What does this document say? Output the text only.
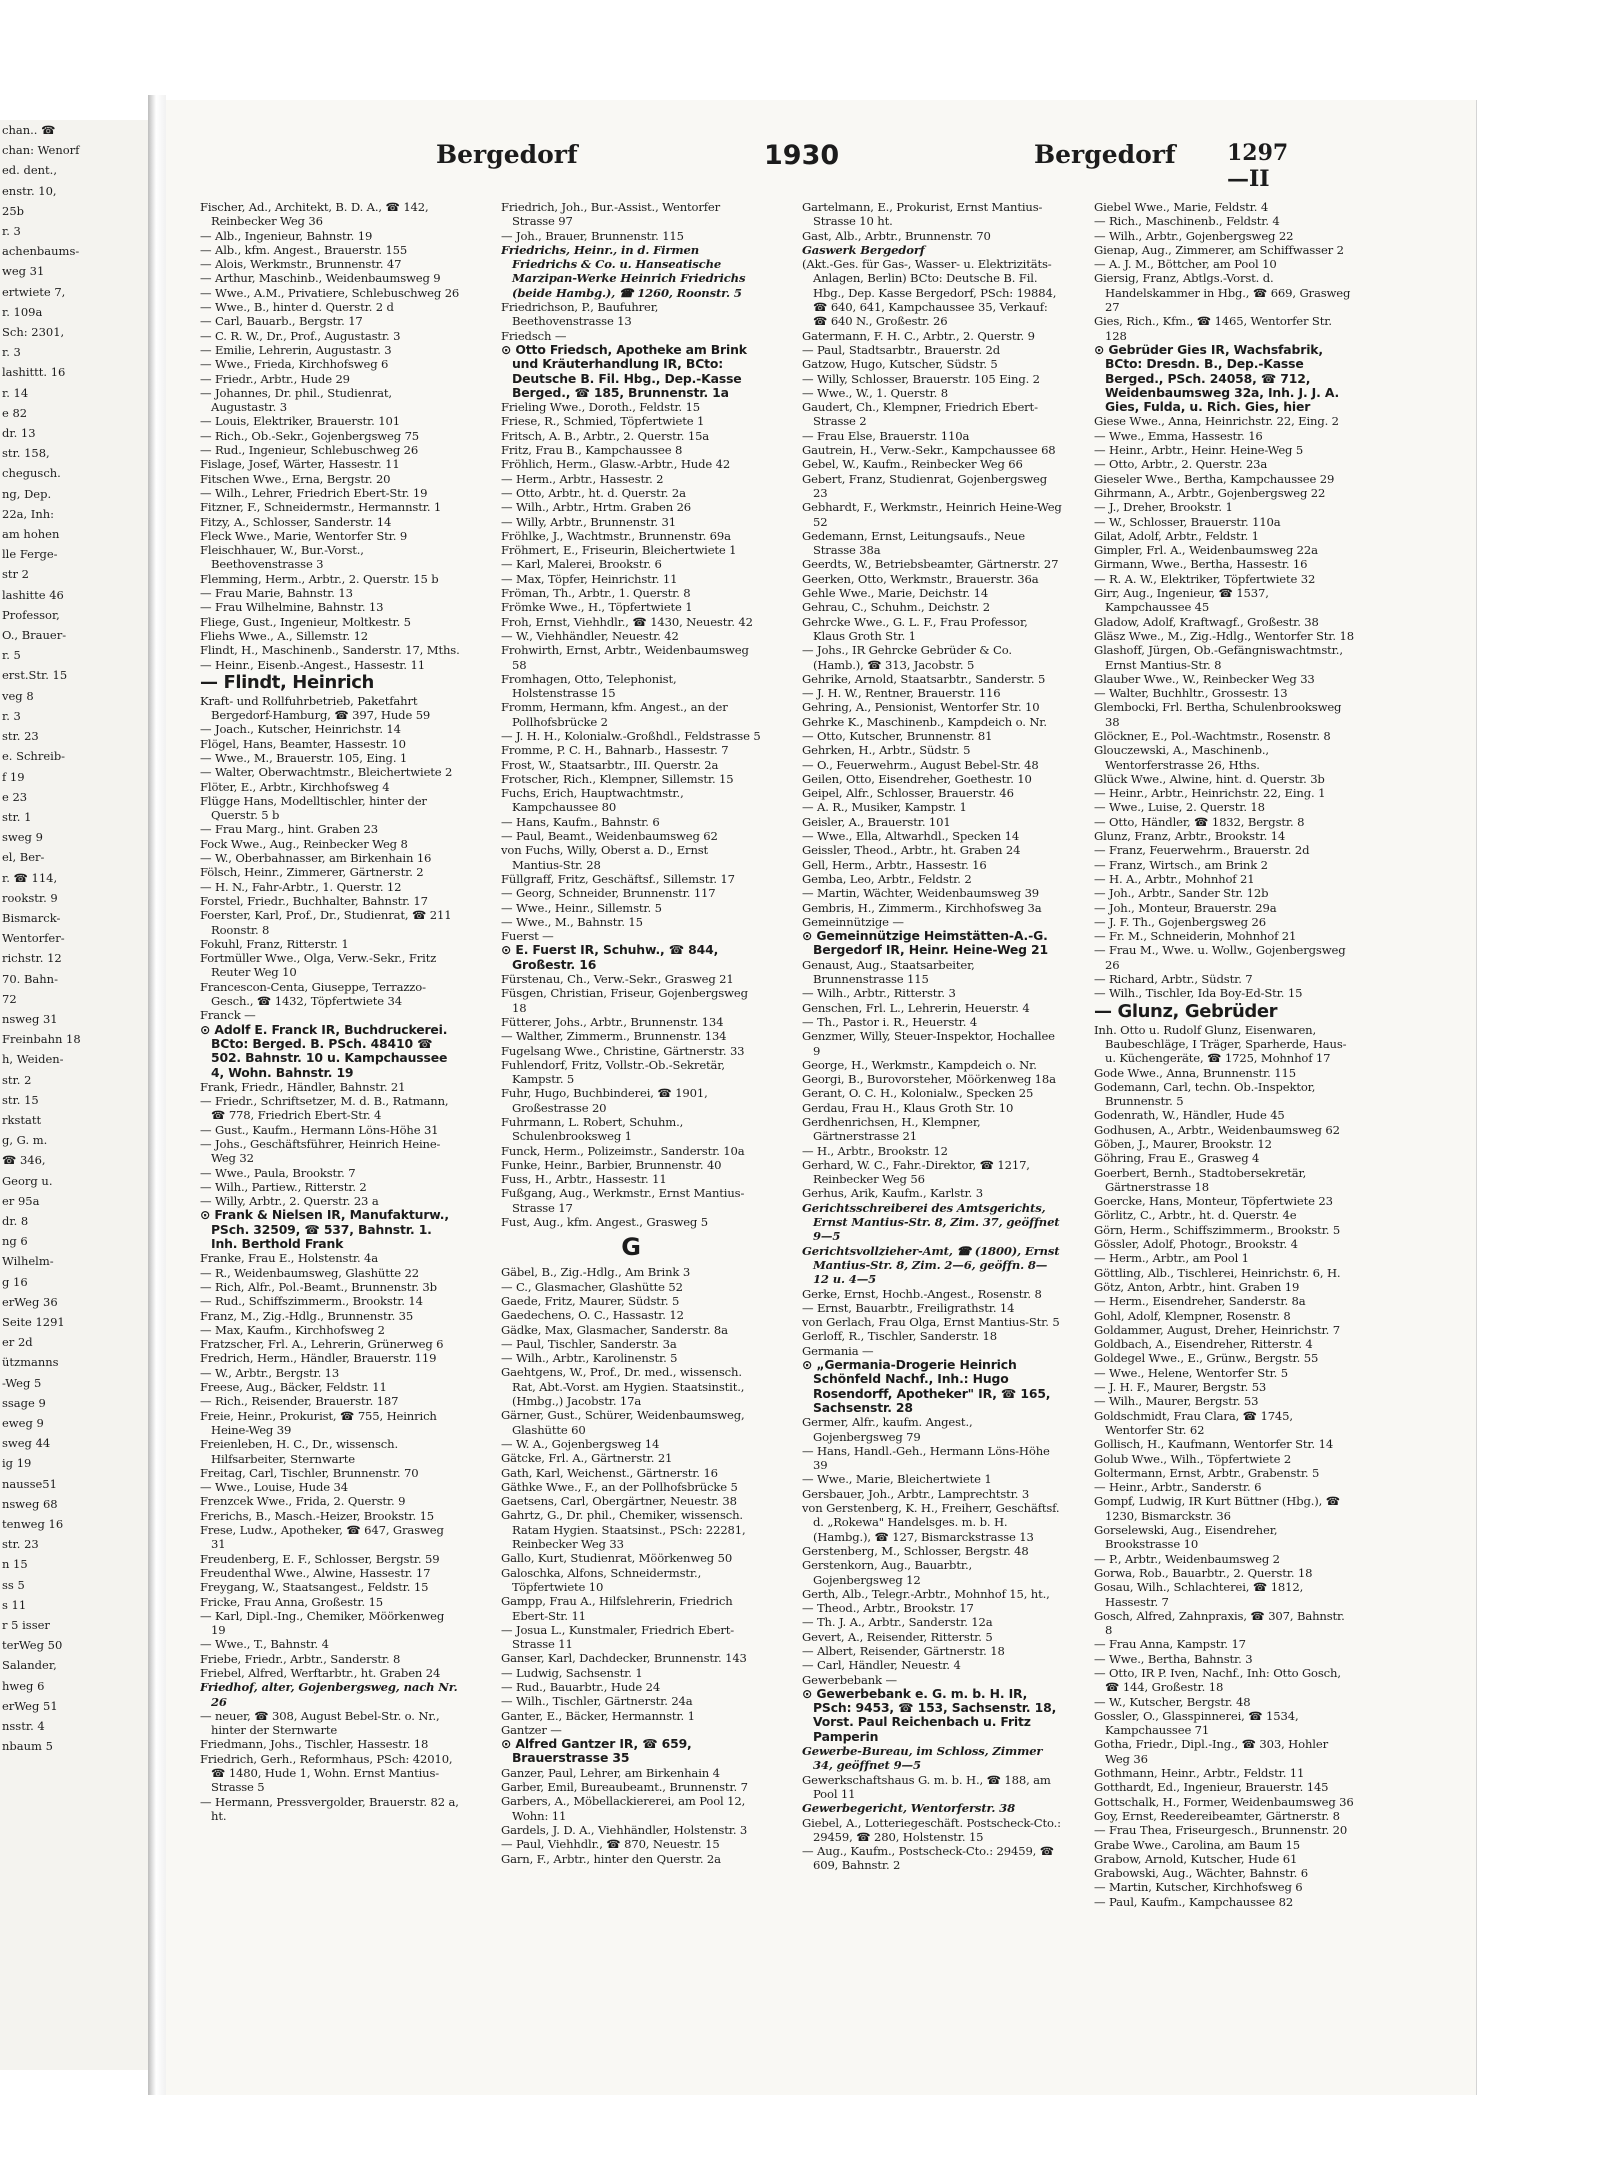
chan.. ☎
chan: Wenorf
ed. dent.,
enstr. 10,
25b
r. 3
achenbaums-
weg 31
ertwiete 7,
r. 109a
Sch: 2301,
r. 3
lashittt. 16
r. 14
e 82
dr. 13
str. 158,
chegusch.
ng, Dep.
22a, Inh:
am hohen
lle Ferge-
str 2
lashitte 46
Professor,
O., Brauer-
r. 5
erst.Str. 15
veg 8
r. 3
str. 23
e. Schreib-
f 19
e 23
str. 1
sweg 9
el, Ber-
r. ☎ 114,
rookstr. 9
Bismarck-
Wentorfer-
richstr. 12
70. Bahn-
72
nsweg 31
Freinbahn 18
h, Weiden-
str. 2
str. 15
rkstatt
g, G. m.
☎ 346,
Georg u.
er 95a
dr. 8
ng 6
Wilhelm-
g 16
erWeg 36
Seite 1291
er 2d
ützmanns
-Weg 5
ssage 9
eweg 9
sweg 44
ig 19
nausse51
nsweg 68
tenweg 16
str. 23
n 15
ss 5
s 11
r 5 isser
terWeg 50
Salander,
hweg 6
erWeg 51
nsstr. 4
nbaum 5
Bergedorf	1930	Bergedorf 1297—II

Fischer, Ad., Architekt, B. D. A., ☎ 142, Reinbecker Weg 36

— Alb., Ingenieur, Bahnstr. 19

— Alb., kfm. Angest., Brauerstr. 155

— Alois, Werkmstr., Brunnenstr. 47

— Arthur, Maschinb., Weidenbaumsweg 9

— Wwe., A.M., Privatiere, Schlebuschweg 26

— Wwe., B., hinter d. Querstr. 2 d

— Carl, Bauarb., Bergstr. 17

— C. R. W., Dr., Prof., Augustastr. 3

— Emilie, Lehrerin, Augustastr. 3

— Wwe., Frieda, Kirchhofsweg 6

— Friedr., Arbtr., Hude 29

— Johannes, Dr. phil., Studienrat, Augustastr. 3

— Louis, Elektriker, Brauerstr. 101

— Rich., Ob.-Sekr., Gojenbergsweg 75

— Rud., Ingenieur, Schlebuschweg 26

Fislage, Josef, Wärter, Hassestr. 11

Fitschen Wwe., Erna, Bergstr. 20

— Wilh., Lehrer, Friedrich Ebert-Str. 19

Fitzner, F., Schneidermstr., Hermannstr. 1

Fitzy, A., Schlosser, Sanderstr. 14

Fleck Wwe., Marie, Wentorfer Str. 9

Fleischhauer, W., Bur.-Vorst., Beethovenstrasse 3

Flemming, Herm., Arbtr., 2. Querstr. 15 b

— Frau Marie, Bahnstr. 13

— Frau Wilhelmine, Bahnstr. 13

Fliege, Gust., Ingenieur, Moltkestr. 5

Fliehs Wwe., A., Sillemstr. 12

Flindt, H., Maschinenb., Sanderstr. 17, Mths.

— Heinr., Eisenb.-Angest., Hassestr. 11

— Flindt, Heinrich

Kraft- und Rollfuhrbetrieb, Paketfahrt Bergedorf-Hamburg, ☎ 397, Hude 59

— Joach., Kutscher, Heinrichstr. 14

Flögel, Hans, Beamter, Hassestr. 10

— Wwe., M., Brauerstr. 105, Eing. 1

— Walter, Oberwachtmstr., Bleichertwiete 2

Flöter, E., Arbtr., Kirchhofsweg 4

Flügge Hans, Modelltischler, hinter der Querstr. 5 b

— Frau Marg., hint. Graben 23

Fock Wwe., Aug., Reinbecker Weg 8

— W., Oberbahnasser, am Birkenhain 16

Fölsch, Heinr., Zimmerer, Gärtnerstr. 2

— H. N., Fahr-Arbtr., 1. Querstr. 12

Forstel, Friedr., Buchhalter, Bahnstr. 17

Foerster, Karl, Prof., Dr., Studienrat, ☎ 211 Roonstr. 8

Fokuhl, Franz, Ritterstr. 1

Fortmüller Wwe., Olga, Verw.-Sekr., Fritz Reuter Weg 10

Francescon-Centa, Giuseppe, Terrazzo-Gesch., ☎ 1432, Töpfertwiete 34

Franck —

⊙ Adolf E. Franck IR, Buchdruckerei. BCto: Berged. B. PSch. 48410 ☎ 502. Bahnstr. 10 u. Kampchaussee 4, Wohn. Bahnstr. 19

Frank, Friedr., Händler, Bahnstr. 21

— Friedr., Schriftsetzer, M. d. B., Ratmann, ☎ 778, Friedrich Ebert-Str. 4

— Gust., Kaufm., Hermann Löns-Höhe 31

— Johs., Geschäftsführer, Heinrich Heine-Weg 32

— Wwe., Paula, Brookstr. 7

— Wilh., Partiew., Ritterstr. 2

— Willy, Arbtr., 2. Querstr. 23 a

⊙ Frank & Nielsen IR, Manufakturw., PSch. 32509, ☎ 537, Bahnstr. 1. Inh. Berthold Frank

Franke, Frau E., Holstenstr. 4a

— R., Weidenbaumsweg, Glashütte 22

— Rich, Alfr., Pol.-Beamt., Brunnenstr. 3b

— Rud., Schiffszimmerm., Brookstr. 14

Franz, M., Zig.-Hdlg., Brunnenstr. 35

— Max, Kaufm., Kirchhofsweg 2

Fratzscher, Frl. A., Lehrerin, Grünerweg 6

Fredrich, Herm., Händler, Brauerstr. 119

— W., Arbtr., Bergstr. 13

Freese, Aug., Bäcker, Feldstr. 11

— Rich., Reisender, Brauerstr. 187

Freie, Heinr., Prokurist, ☎ 755, Heinrich Heine-Weg 39

Freienleben, H. C., Dr., wissensch. Hilfsarbeiter, Sternwarte

Freitag, Carl, Tischler, Brunnenstr. 70

— Wwe., Louise, Hude 34

Frenzcek Wwe., Frida, 2. Querstr. 9

Frerichs, B., Masch.-Heizer, Brookstr. 15

Frese, Ludw., Apotheker, ☎ 647, Grasweg 31

Freudenberg, E. F., Schlosser, Bergstr. 59

Freudenthal Wwe., Alwine, Hassestr. 17

Freygang, W., Staatsangest., Feldstr. 15

Fricke, Frau Anna, Großestr. 15

— Karl, Dipl.-Ing., Chemiker, Möörkenweg 19

— Wwe., T., Bahnstr. 4

Friebe, Friedr., Arbtr., Sanderstr. 8

Friebel, Alfred, Werftarbtr., ht. Graben 24

Friedhof, alter, Gojenbergsweg, nach Nr. 26

— neuer, ☎ 308, August Bebel-Str. o. Nr., hinter der Sternwarte

Friedmann, Johs., Tischler, Hassestr. 18

Friedrich, Gerh., Reformhaus, PSch: 42010, ☎ 1480, Hude 1, Wohn. Ernst Mantius-Strasse 5

— Hermann, Pressvergolder, Brauerstr. 82 a, ht.

Friedrich, Joh., Bur.-Assist., Wentorfer Strasse 97

— Joh., Brauer, Brunnenstr. 115

Friedrichs, Heinr., in d. Firmen Friedrichs & Co. u. Hanseatische Marzipan-Werke Heinrich Friedrichs (beide Hambg.), ☎ 1260, Roonstr. 5

Friedrichson, P., Baufuhrer, Beethovenstrasse 13

Friedsch —

⊙ Otto Friedsch, Apotheke am Brink und Kräuterhandlung IR, BCto: Deutsche B. Fil. Hbg., Dep.-Kasse Berged., ☎ 185, Brunnenstr. 1a

Frieling Wwe., Doroth., Feldstr. 15

Friese, R., Schmied, Töpfertwiete 1

Fritsch, A. B., Arbtr., 2. Querstr. 15a

Fritz, Frau B., Kampchaussee 8

Fröhlich, Herm., Glasw.-Arbtr., Hude 42

— Herm., Arbtr., Hassestr. 2

— Otto, Arbtr., ht. d. Querstr. 2a

— Wilh., Arbtr., Hrtm. Graben 26

— Willy, Arbtr., Brunnenstr. 31

Fröhlke, J., Wachtmstr., Brunnenstr. 69a

Fröhmert, E., Friseurin, Bleichertwiete 1

— Karl, Malerei, Brookstr. 6

— Max, Töpfer, Heinrichstr. 11

Fröman, Th., Arbtr., 1. Querstr. 8

Frömke Wwe., H., Töpfertwiete 1

Froh, Ernst, Viehhdlr., ☎ 1430, Neuestr. 42

— W., Viehhändler, Neuestr. 42

Frohwirth, Ernst, Arbtr., Weidenbaumsweg 58

Fromhagen, Otto, Telephonist, Holstenstrasse 15

Fromm, Hermann, kfm. Angest., an der Pollhofsbrücke 2

— J. H. H., Kolonialw.-Großhdl., Feldstrasse 5

Fromme, P. C. H., Bahnarb., Hassestr. 7

Frost, W., Staatsarbtr., III. Querstr. 2a

Frotscher, Rich., Klempner, Sillemstr. 15

Fuchs, Erich, Hauptwachtmstr., Kampchaussee 80

— Hans, Kaufm., Bahnstr. 6

— Paul, Beamt., Weidenbaumsweg 62

von Fuchs, Willy, Oberst a. D., Ernst Mantius-Str. 28

Füllgraff, Fritz, Geschäftsf., Sillemstr. 17

— Georg, Schneider, Brunnenstr. 117

— Wwe., Heinr., Sillemstr. 5

— Wwe., M., Bahnstr. 15

Fuerst —

⊙ E. Fuerst IR, Schuhw., ☎ 844, Großestr. 16

Fürstenau, Ch., Verw.-Sekr., Grasweg 21

Füsgen, Christian, Friseur, Gojenbergsweg 18

Fütterer, Johs., Arbtr., Brunnenstr. 134

— Walther, Zimmerm., Brunnenstr. 134

Fugelsang Wwe., Christine, Gärtnerstr. 33

Fuhlendorf, Fritz, Vollstr.-Ob.-Sekretär, Kampstr. 5

Fuhr, Hugo, Buchbinderei, ☎ 1901, Großestrasse 20

Fuhrmann, L. Robert, Schuhm., Schulenbrooksweg 1

Funck, Herm., Polizeimstr., Sanderstr. 10a

Funke, Heinr., Barbier, Brunnenstr. 40

Fuss, H., Arbtr., Hassestr. 11

Fußgang, Aug., Werkmstr., Ernst Mantius-Strasse 17

Fust, Aug., kfm. Angest., Grasweg 5

G

Gäbel, B., Zig.-Hdlg., Am Brink 3

— C., Glasmacher, Glashütte 52

Gaede, Fritz, Maurer, Südstr. 5

Gaedechens, O. C., Hassastr. 12

Gädke, Max, Glasmacher, Sanderstr. 8a

— Paul, Tischler, Sanderstr. 3a

— Wilh., Arbtr., Karolinenstr. 5

Gaehtgens, W., Prof., Dr. med., wissensch. Rat, Abt.-Vorst. am Hygien. Staatsinstit., (Hmbg.,) Jacobstr. 17a

Gärner, Gust., Schürer, Weidenbaumsweg, Glashütte 60

— W. A., Gojenbergsweg 14

Gätcke, Frl. A., Gärtnerstr. 21

Gath, Karl, Weichenst., Gärtnerstr. 16

Gäthke Wwe., F., an der Pollhofsbrücke 5

Gaetsens, Carl, Obergärtner, Neuestr. 38

Gahrtz, G., Dr. phil., Chemiker, wissensch. Ratam Hygien. Staatsinst., PSch: 22281, Reinbecker Weg 33

Gallo, Kurt, Studienrat, Möörkenweg 50

Galoschka, Alfons, Schneidermstr., Töpfertwiete 10

Gampp, Frau A., Hilfslehrerin, Friedrich Ebert-Str. 11

— Josua L., Kunstmaler, Friedrich Ebert-Strasse 11

Ganser, Karl, Dachdecker, Brunnenstr. 143

— Ludwig, Sachsenstr. 1

— Rud., Bauarbtr., Hude 24

— Wilh., Tischler, Gärtnerstr. 24a

Ganter, E., Bäcker, Hermannstr. 1

Gantzer —

⊙ Alfred Gantzer IR, ☎ 659, Brauerstrasse 35

Ganzer, Paul, Lehrer, am Birkenhain 4

Garber, Emil, Bureaubeamt., Brunnenstr. 7

Garbers, A., Möbellackiererei, am Pool 12, Wohn: 11

Gardels, J. D. A., Viehhändler, Holstenstr. 3

— Paul, Viehhdlr., ☎ 870, Neuestr. 15

Garn, F., Arbtr., hinter den Querstr. 2a

Gartelmann, E., Prokurist, Ernst Mantius-Strasse 10 ht.

Gast, Alb., Arbtr., Brunnenstr. 70

Gaswerk Bergedorf

(Akt.-Ges. für Gas-, Wasser- u. Elektrizitäts-Anlagen, Berlin) BCto: Deutsche B. Fil. Hbg., Dep. Kasse Bergedorf, PSch: 19884, ☎ 640, 641, Kampchaussee 35, Verkauf: ☎ 640 N., Großestr. 26

Gatermann, F. H. C., Arbtr., 2. Querstr. 9

— Paul, Stadtsarbtr., Brauerstr. 2d

Gatzow, Hugo, Kutscher, Südstr. 5

— Willy, Schlosser, Brauerstr. 105 Eing. 2

— Wwe., W., 1. Querstr. 8

Gaudert, Ch., Klempner, Friedrich Ebert-Strasse 2

— Frau Else, Brauerstr. 110a

Gautrein, H., Verw.-Sekr., Kampchaussee 68

Gebel, W., Kaufm., Reinbecker Weg 66

Gebert, Franz, Studienrat, Gojenbergsweg 23

Gebhardt, F., Werkmstr., Heinrich Heine-Weg 52

Gedemann, Ernst, Leitungsaufs., Neue Strasse 38a

Geerdts, W., Betriebsbeamter, Gärtnerstr. 27

Geerken, Otto, Werkmstr., Brauerstr. 36a

Gehle Wwe., Marie, Deichstr. 14

Gehrau, C., Schuhm., Deichstr. 2

Gehrcke Wwe., G. L. F., Frau Professor, Klaus Groth Str. 1

— Johs., IR Gehrcke Gebrüder & Co. (Hamb.), ☎ 313, Jacobstr. 5

Gehrike, Arnold, Staatsarbtr., Sanderstr. 5

— J. H. W., Rentner, Brauerstr. 116

Gehring, A., Pensionist, Wentorfer Str. 10

Gehrke K., Maschinenb., Kampdeich o. Nr.

— Otto, Kutscher, Brunnenstr. 81

Gehrken, H., Arbtr., Südstr. 5

— O., Feuerwehrm., August Bebel-Str. 48

Geilen, Otto, Eisendreher, Goethestr. 10

Geipel, Alfr., Schlosser, Brauerstr. 46

— A. R., Musiker, Kampstr. 1

Geisler, A., Brauerstr. 101

— Wwe., Ella, Altwarhdl., Specken 14

Geissler, Theod., Arbtr., ht. Graben 24

Gell, Herm., Arbtr., Hassestr. 16

Gemba, Leo, Arbtr., Feldstr. 2

— Martin, Wächter, Weidenbaumsweg 39

Gembris, H., Zimmerm., Kirchhofsweg 3a

Gemeinnützige —

⊙ Gemeinnützige Heimstätten-A.-G. Bergedorf IR, Heinr. Heine-Weg 21

Genaust, Aug., Staatsarbeiter, Brunnenstrasse 115

— Wilh., Arbtr., Ritterstr. 3

Genschen, Frl. L., Lehrerin, Heuerstr. 4

— Th., Pastor i. R., Heuerstr. 4

Genzmer, Willy, Steuer-Inspektor, Hochallee 9

George, H., Werkmstr., Kampdeich o. Nr.

Georgi, B., Burovorsteher, Möörkenweg 18a

Gerant, O. C. H., Kolonialw., Specken 25

Gerdau, Frau H., Klaus Groth Str. 10

Gerdhenrichsen, H., Klempner, Gärtnerstrasse 21

— H., Arbtr., Brookstr. 12

Gerhard, W. C., Fahr.-Direktor, ☎ 1217, Reinbecker Weg 56

Gerhus, Arik, Kaufm., Karlstr. 3

Gerichtsschreiberei des Amtsgerichts, Ernst Mantius-Str. 8, Zim. 37, geöffnet 9—5

Gerichtsvollzieher-Amt, ☎ (1800), Ernst Mantius-Str. 8, Zim. 2—6, geöffn. 8—12 u. 4—5

Gerke, Ernst, Hochb.-Angest., Rosenstr. 8

— Ernst, Bauarbtr., Freiligrathstr. 14

von Gerlach, Frau Olga, Ernst Mantius-Str. 5

Gerloff, R., Tischler, Sanderstr. 18

Germania —

⊙ „Germania-Drogerie Heinrich Schönfeld Nachf., Inh.: Hugo Rosendorff, Apotheker" IR, ☎ 165, Sachsenstr. 28

Germer, Alfr., kaufm. Angest., Gojenbergsweg 79

— Hans, Handl.-Geh., Hermann Löns-Höhe 39

— Wwe., Marie, Bleichertwiete 1

Gersbauer, Joh., Arbtr., Lamprechtstr. 3

von Gerstenberg, K. H., Freiherr, Geschäftsf. d. „Rokewa" Handelsges. m. b. H. (Hambg.), ☎ 127, Bismarckstrasse 13

Gerstenberg, M., Schlosser, Bergstr. 48

Gerstenkorn, Aug., Bauarbtr., Gojenbergsweg 12

Gerth, Alb., Telegr.-Arbtr., Mohnhof 15, ht.,

— Theod., Arbtr., Brookstr. 17

— Th. J. A., Arbtr., Sanderstr. 12a

Gevert, A., Reisender, Ritterstr. 5

— Albert, Reisender, Gärtnerstr. 18

— Carl, Händler, Neuestr. 4

Gewerbebank —

⊙ Gewerbebank e. G. m. b. H. IR, PSch: 9453, ☎ 153, Sachsenstr. 18, Vorst. Paul Reichenbach u. Fritz Pamperin

Gewerbe-Bureau, im Schloss, Zimmer 34, geöffnet 9—5

Gewerkschaftshaus G. m. b. H., ☎ 188, am Pool 11

Gewerbegericht, Wentorferstr. 38

Giebel, A., Lotteriegeschäft. Postscheck-Cto.: 29459, ☎ 280, Holstenstr. 15

— Aug., Kaufm., Postscheck-Cto.: 29459, ☎ 609, Bahnstr. 2

Giebel Wwe., Marie, Feldstr. 4

— Rich., Maschinenb., Feldstr. 4

— Wilh., Arbtr., Gojenbergsweg 22

Gienap, Aug., Zimmerer, am Schiffwasser 2

— A. J. M., Böttcher, am Pool 10

Giersig, Franz, Abtlgs.-Vorst. d. Handelskammer in Hbg., ☎ 669, Grasweg 27

Gies, Rich., Kfm., ☎ 1465, Wentorfer Str. 128

⊙ Gebrüder Gies IR, Wachsfabrik, BCto: Dresdn. B., Dep.-Kasse Berged., PSch. 24058, ☎ 712, Weidenbaumsweg 32a, Inh. J. J. A. Gies, Fulda, u. Rich. Gies, hier

Giese Wwe., Anna, Heinrichstr. 22, Eing. 2

— Wwe., Emma, Hassestr. 16

— Heinr., Arbtr., Heinr. Heine-Weg 5

— Otto, Arbtr., 2. Querstr. 23a

Gieseler Wwe., Bertha, Kampchaussee 29

Gihrmann, A., Arbtr., Gojenbergsweg 22

— J., Dreher, Brookstr. 1

— W., Schlosser, Brauerstr. 110a

Gilat, Adolf, Arbtr., Feldstr. 1

Gimpler, Frl. A., Weidenbaumsweg 22a

Girmann, Wwe., Bertha, Hassestr. 16

— R. A. W., Elektriker, Töpfertwiete 32

Girr, Aug., Ingenieur, ☎ 1537, Kampchaussee 45

Gladow, Adolf, Kraftwagf., Großestr. 38

Gläsz Wwe., M., Zig.-Hdlg., Wentorfer Str. 18

Glashoff, Jürgen, Ob.-Gefängniswachtmstr., Ernst Mantius-Str. 8

Glauber Wwe., W., Reinbecker Weg 33

— Walter, Buchhltr., Grossestr. 13

Glembocki, Frl. Bertha, Schulenbrooksweg 38

Glöckner, E., Pol.-Wachtmstr., Rosenstr. 8

Glouczewski, A., Maschinenb., Wentorferstrasse 26, Hths.

Glück Wwe., Alwine, hint. d. Querstr. 3b

— Heinr., Arbtr., Heinrichstr. 22, Eing. 1

— Wwe., Luise, 2. Querstr. 18

— Otto, Händler, ☎ 1832, Bergstr. 8

Glunz, Franz, Arbtr., Brookstr. 14

— Franz, Feuerwehrm., Brauerstr. 2d

— Franz, Wirtsch., am Brink 2

— H. A., Arbtr., Mohnhof 21

— Joh., Arbtr., Sander Str. 12b

— Joh., Monteur, Brauerstr. 29a

— J. F. Th., Gojenbergsweg 26

— Fr. M., Schneiderin, Mohnhof 21

— Frau M., Wwe. u. Wollw., Gojenbergsweg 26

— Richard, Arbtr., Südstr. 7

— Wilh., Tischler, Ida Boy-Ed-Str. 15

— Glunz, Gebrüder

Inh. Otto u. Rudolf Glunz, Eisenwaren, Baubeschläge, I Träger, Sparherde, Haus- u. Küchengeräte, ☎ 1725, Mohnhof 17

Gode Wwe., Anna, Brunnenstr. 115

Godemann, Carl, techn. Ob.-Inspektor, Brunnenstr. 5

Godenrath, W., Händler, Hude 45

Godhusen, A., Arbtr., Weidenbaumsweg 62

Göben, J., Maurer, Brookstr. 12

Göhring, Frau E., Grasweg 4

Goerbert, Bernh., Stadtobersekretär, Gärtnerstrasse 18

Goercke, Hans, Monteur, Töpfertwiete 23

Görlitz, C., Arbtr., ht. d. Querstr. 4e

Görn, Herm., Schiffszimmerm., Brookstr. 5

Gössler, Adolf, Photogr., Brookstr. 4

— Herm., Arbtr., am Pool 1

Göttling, Alb., Tischlerei, Heinrichstr. 6, H.

Götz, Anton, Arbtr., hint. Graben 19

— Herm., Eisendreher, Sanderstr. 8a

Gohl, Adolf, Klempner, Rosenstr. 8

Goldammer, August, Dreher, Heinrichstr. 7

Goldbach, A., Eisendreher, Ritterstr. 4

Goldegel Wwe., E., Grünw., Bergstr. 55

— Wwe., Helene, Wentorfer Str. 5

— J. H. F., Maurer, Bergstr. 53

— Wilh., Maurer, Bergstr. 53

Goldschmidt, Frau Clara, ☎ 1745, Wentorfer Str. 62

Gollisch, H., Kaufmann, Wentorfer Str. 14

Golub Wwe., Wilh., Töpfertwiete 2

Goltermann, Ernst, Arbtr., Grabenstr. 5

— Heinr., Arbtr., Sanderstr. 6

Gompf, Ludwig, IR Kurt Büttner (Hbg.), ☎ 1230, Bismarckstr. 36

Gorselewski, Aug., Eisendreher, Brookstrasse 10

— P., Arbtr., Weidenbaumsweg 2

Gorwa, Rob., Bauarbtr., 2. Querstr. 18

Gosau, Wilh., Schlachterei, ☎ 1812, Hassestr. 7

Gosch, Alfred, Zahnpraxis, ☎ 307, Bahnstr. 8

— Frau Anna, Kampstr. 17

— Wwe., Bertha, Bahnstr. 3

— Otto, IR P. Iven, Nachf., Inh: Otto Gosch, ☎ 144, Großestr. 18

— W., Kutscher, Bergstr. 48

Gossler, O., Glasspinnerei, ☎ 1534, Kampchaussee 71

Gotha, Friedr., Dipl.-Ing., ☎ 303, Hohler Weg 36

Gothmann, Heinr., Arbtr., Feldstr. 11

Gotthardt, Ed., Ingenieur, Brauerstr. 145

Gottschalk, H., Former, Weidenbaumsweg 36

Goy, Ernst, Reedereibeamter, Gärtnerstr. 8

— Frau Thea, Friseurgesch., Brunnenstr. 20

Grabe Wwe., Carolina, am Baum 15

Grabow, Arnold, Kutscher, Hude 61

Grabowski, Aug., Wächter, Bahnstr. 6

— Martin, Kutscher, Kirchhofsweg 6

— Paul, Kaufm., Kampchaussee 82
